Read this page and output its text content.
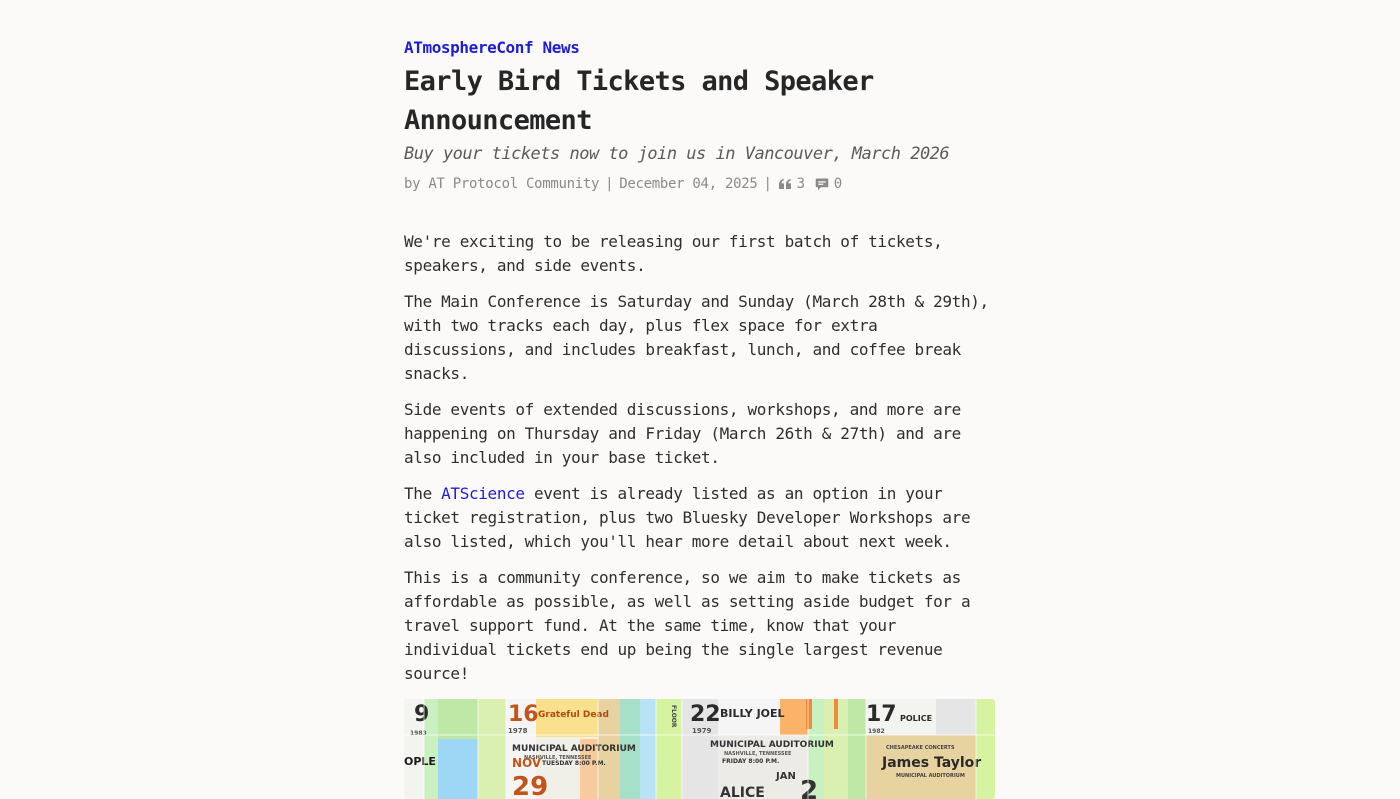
ATmosphereConf News
Early Bird Tickets and Speaker Announcement

Buy your tickets now to join us in Vancouver, March 2026

by
AT Protocol Community | December 04, 2025 | 3 0

We're exciting to be releasing our first batch of tickets, speakers, and side events.

The Main Conference is Saturday and Sunday (March 28th & 29th), with two tracks each day, plus flex space for extra discussions, and includes breakfast, lunch, and coffee break snacks.

Side events of extended discussions, workshops, and more are happening on Thursday and Friday (March 26th & 27th) and are also included in your base ticket.

The ATScience event is already listed as an option in your ticket registration, plus two Bluesky Developer Workshops are also listed, which you'll hear more detail about next week.

This is a community conference, so we aim to make tickets as affordable as possible, as well as setting aside budget for a travel support fund. At the same time, know that your individual tickets end up being the single largest revenue source!

9
1983
16 Grateful Dead
1978
22 BILLY JOEL
1979
17 POLICE
1982
MUNICIPAL AUDITORIUM
NASHVILLE, TENNESSEE
NOV
29
TUESDAY 8:00 P.M.
MUNICIPAL AUDITORIUM
NASHVILLE, TENNESSEE
FRIDAY 8:00 P.M.
JAN 2
ALICE
James Taylor
MUNICIPAL AUDITORIUM
OPLE
CHESAPEAKE CONCERTS
FLOOR
